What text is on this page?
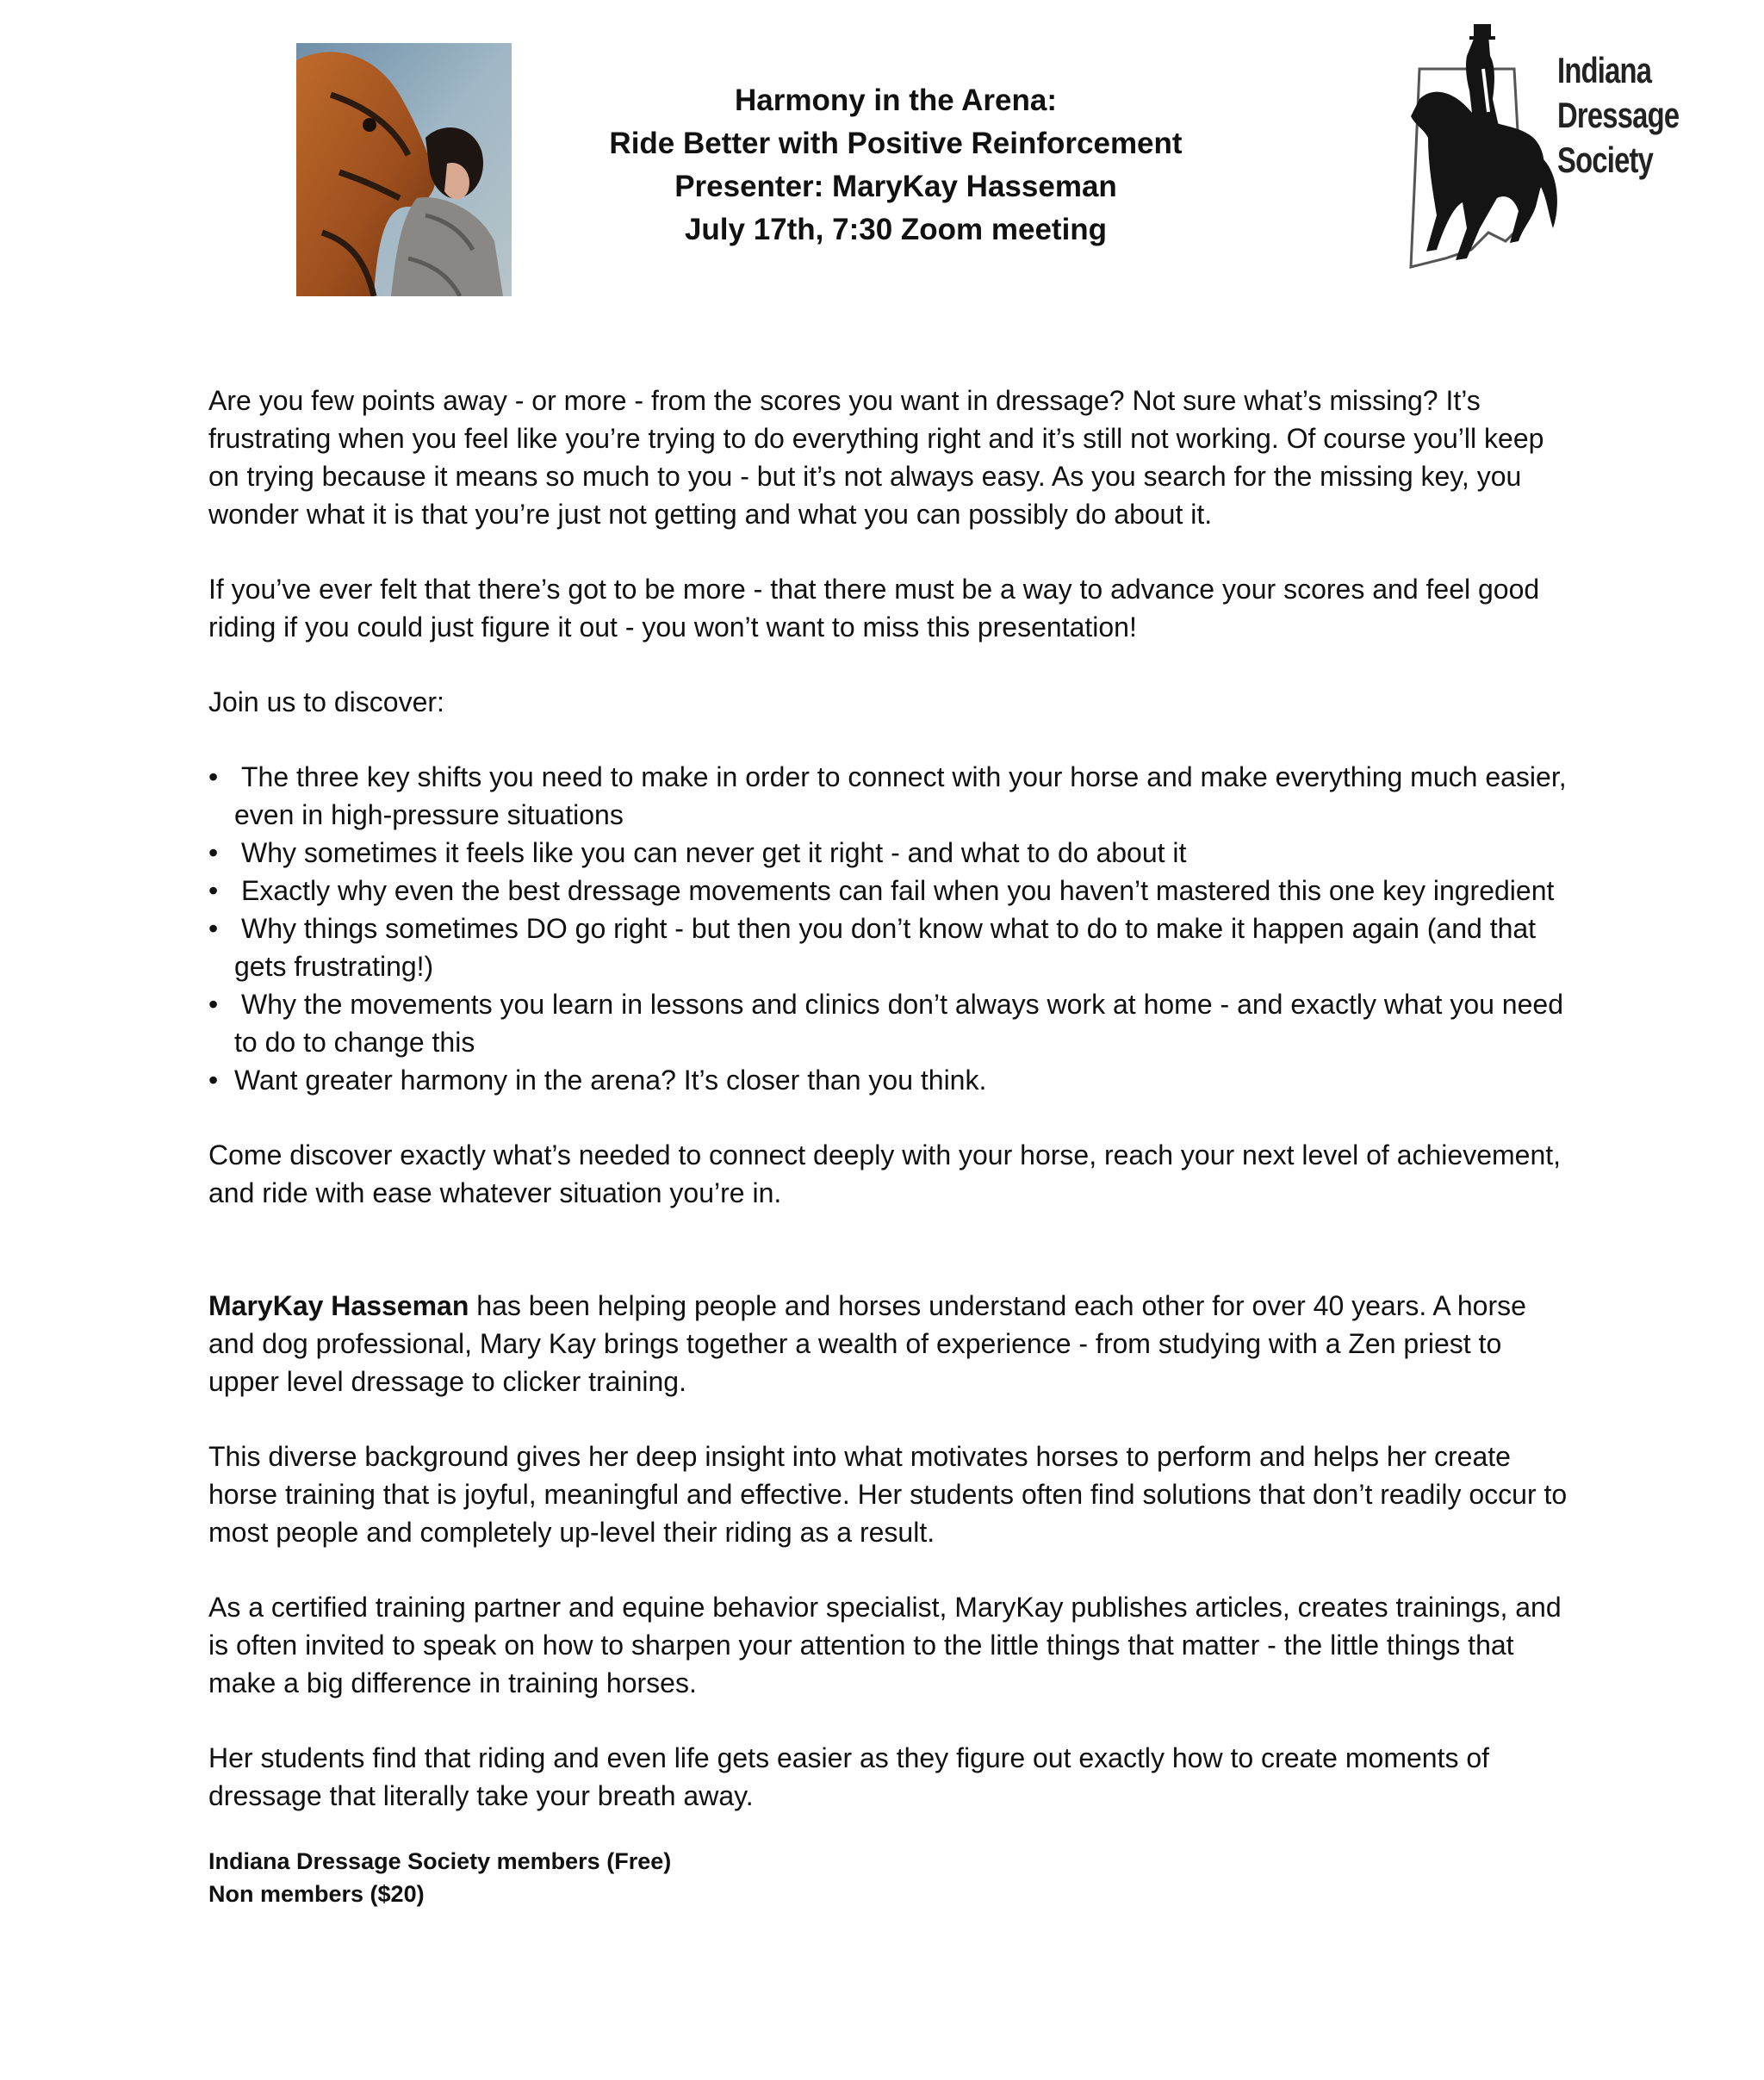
Harmony in the Arena:
Ride Better with Positive Reinforcement
Presenter: MaryKay Hasseman
July 17th, 7:30 Zoom meeting
Indiana
Dressage
Society

Are you few points away - or more - from the scores you want in dressage? Not sure what’s missing? It’s frustrating when you feel like you’re trying to do everything right and it’s still not working. Of course you’ll keep on trying because it means so much to you - but it’s not always easy. As you search for the missing key, you wonder what it is that you’re just not getting and what you can possibly do about it.

If you’ve ever felt that there’s got to be more - that there must be a way to advance your scores and feel good riding if you could just figure it out - you won’t want to miss this presentation!

Join us to discover:

• The three key shifts you need to make in order to connect with your horse and make everything much easier, even in high-pressure situations
• Why sometimes it feels like you can never get it right - and what to do about it
• Exactly why even the best dressage movements can fail when you haven’t mastered this one key ingredient
• Why things sometimes DO go right - but then you don’t know what to do to make it happen again (and that gets frustrating!)
• Why the movements you learn in lessons and clinics don’t always work at home - and exactly what you need to do to change this
• Want greater harmony in the arena? It’s closer than you think.

Come discover exactly what’s needed to connect deeply with your horse, reach your next level of achievement, and ride with ease whatever situation you’re in.

MaryKay Hasseman has been helping people and horses understand each other for over 40 years. A horse and dog professional, Mary Kay brings together a wealth of experience - from studying with a Zen priest to upper level dressage to clicker training.

This diverse background gives her deep insight into what motivates horses to perform and helps her create horse training that is joyful, meaningful and effective. Her students often find solutions that don’t readily occur to most people and completely up-level their riding as a result.

As a certified training partner and equine behavior specialist, MaryKay publishes articles, creates trainings, and is often invited to speak on how to sharpen your attention to the little things that matter - the little things that make a big difference in training horses.

Her students find that riding and even life gets easier as they figure out exactly how to create moments of dressage that literally take your breath away.

Indiana Dressage Society members (Free)
Non members ($20)
